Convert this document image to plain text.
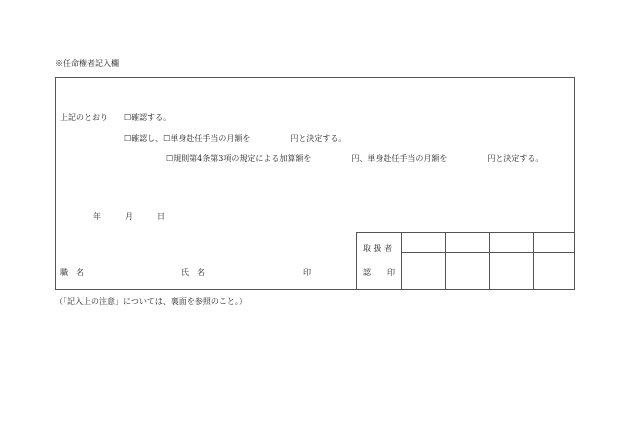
※任命権者記入欄
上記のとおり ☐確認する。
☐確認し、☐単身赴任手当の月額を　　　　　円と決定する。
☐規則第4条第3項の規定による加算額を　　　　　円、単身赴任手当の月額を　　　　　円と決定する。
年	月	日
職　名	氏　名	印
取 扱 者
認　　印
（「記入上の注意」については、裏面を参照のこと。）
